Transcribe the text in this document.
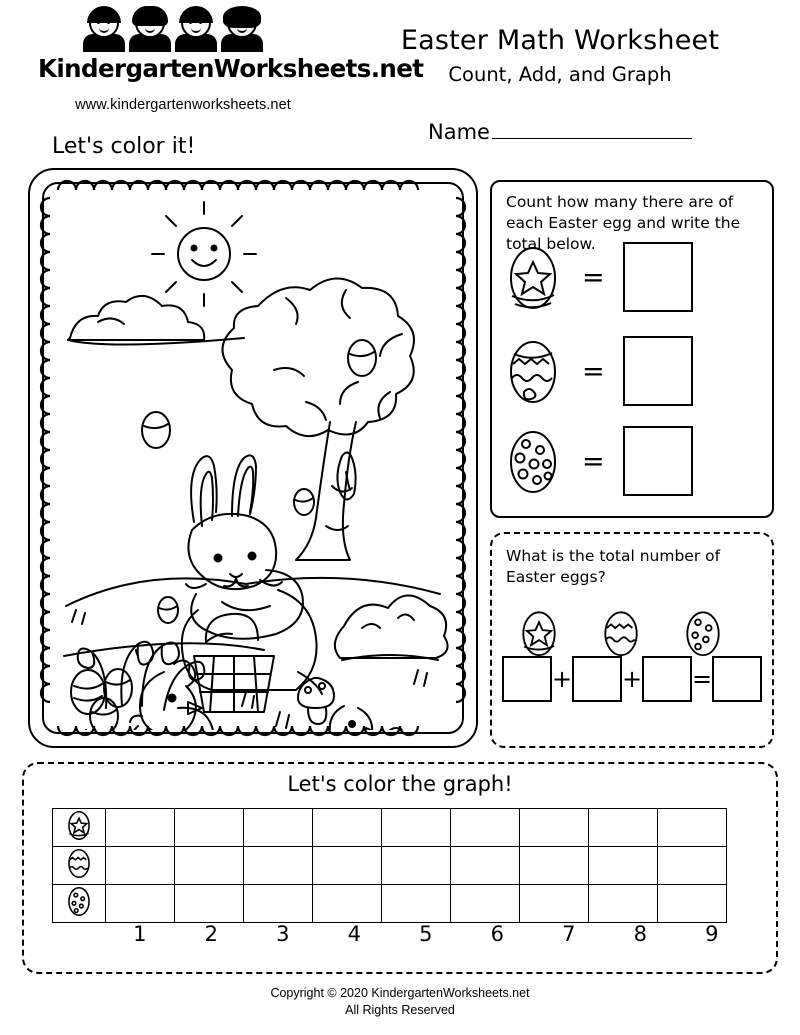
KindergartenWorksheets.net
www.kindergartenworksheets.net
Easter Math Worksheet
Count, Add, and Graph
Name
Let's color it!
Count how many there are of each Easter egg and write the total below.
=
=
=
What is the total number of Easter eggs?
+ + =
Let's color the graph!

1	2	3	4	5	6	7	8	9
Copyright © 2020 KindergartenWorksheets.net
All Rights Reserved
